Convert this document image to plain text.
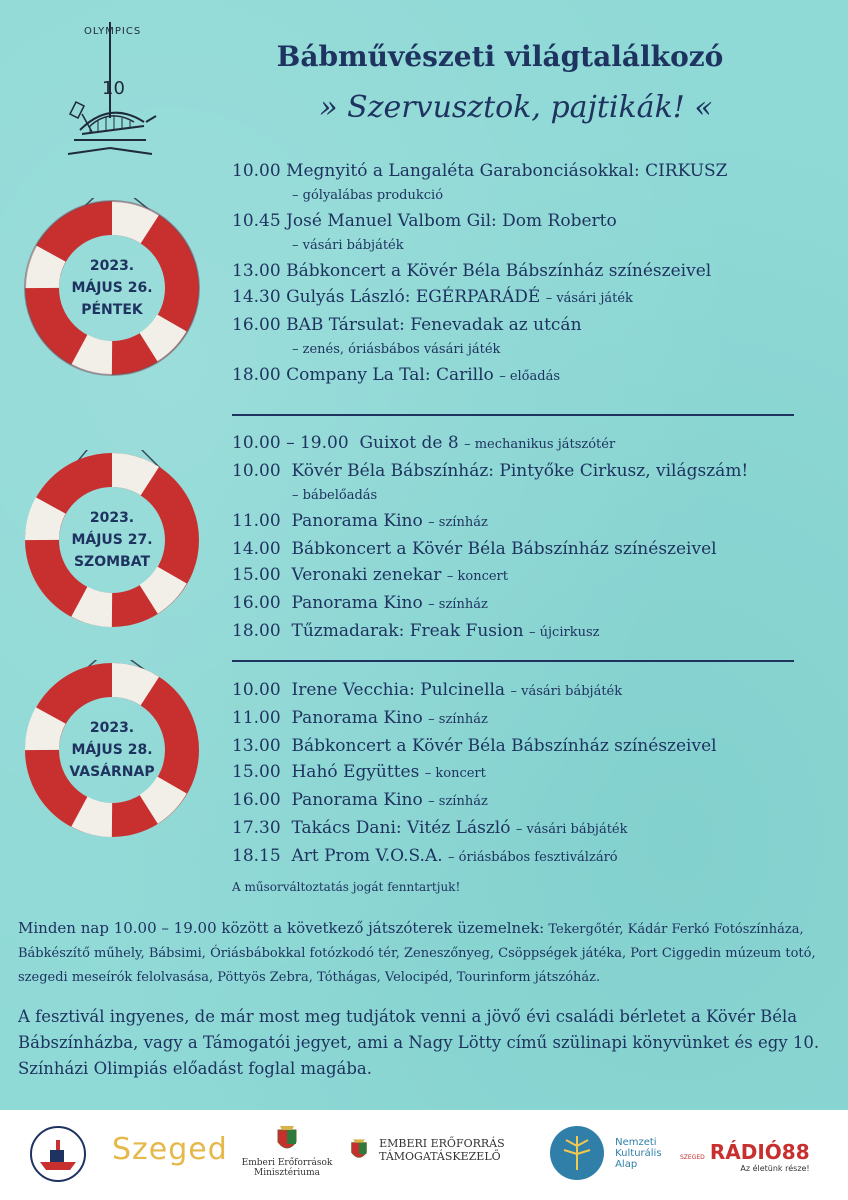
OLYMPICS
10
Bábművészeti világtalálkozó
» Szervusztok, pajtikák! «
2023.
MÁJUS 26.
PÉNTEK
2023.
MÁJUS 27.
SZOMBAT
2023.
MÁJUS 28.
VASÁRNAP
10.00 Megnyitó a Langaléta Garabonciásokkal: CIRKUSZ
– gólyalábas produkció
10.45 José Manuel Valbom Gil: Dom Roberto
– vásári bábjáték
13.00 Bábkoncert a Kövér Béla Bábszínház színészeivel
14.30 Gulyás László: EGÉRPARÁDÉ – vásári játék
16.00 BAB Társulat: Fenevadak az utcán
– zenés, óriásbábos vásári játék
18.00 Company La Tal: Carillo – előadás
10.00 – 19.00 Guixot de 8 – mechanikus játszótér
10.00 Kövér Béla Bábszínház: Pintyőke Cirkusz, világszám!
– bábelőadás
11.00 Panorama Kino – színház
14.00 Bábkoncert a Kövér Béla Bábszínház színészeivel
15.00 Veronaki zenekar – koncert
16.00 Panorama Kino – színház
18.00 Tűzmadarak: Freak Fusion – újcirkusz
10.00 Irene Vecchia: Pulcinella – vásári bábjáték
11.00 Panorama Kino – színház
13.00 Bábkoncert a Kövér Béla Bábszínház színészeivel
15.00 Hahó Együttes – koncert
16.00 Panorama Kino – színház
17.30 Takács Dani: Vitéz László – vásári bábjáték
18.15 Art Prom V.O.S.A. – óriásbábos fesztiválzáró
A műsorváltoztatás jogát fenntartjuk!
Minden nap 10.00 – 19.00 között a következő játszóterek üzemelnek: Tekergőtér, Kádár Ferkó Fotószínháza, Bábkészítő műhely, Bábsimi, Óriásbábokkal fotózkodó tér, Zeneszőnyeg, Csöppségek játéka, Port Ciggedin múzeum totó, szegedi meseírók felolvasása, Pöttyös Zebra, Tóthágas, Velocipéd, Tourinform játszóház.
A fesztivál ingyenes, de már most meg tudjátok venni a jövő évi családi bérletet a Kövér Béla Bábszínházba, vagy a Támogatói jegyet, ami a Nagy Lötty című szülinapi könyvünket és egy 10. Színházi Olimpiás előadást foglal magába.
Szeged	Emberi Erőforrások
Minisztériuma

EMBERI ERŐFORRÁS
TÁMOGATÁSKEZELŐ

Nemzeti
Kulturális
Alap
SZEGED RÁDIÓ88
Az életünk része!
